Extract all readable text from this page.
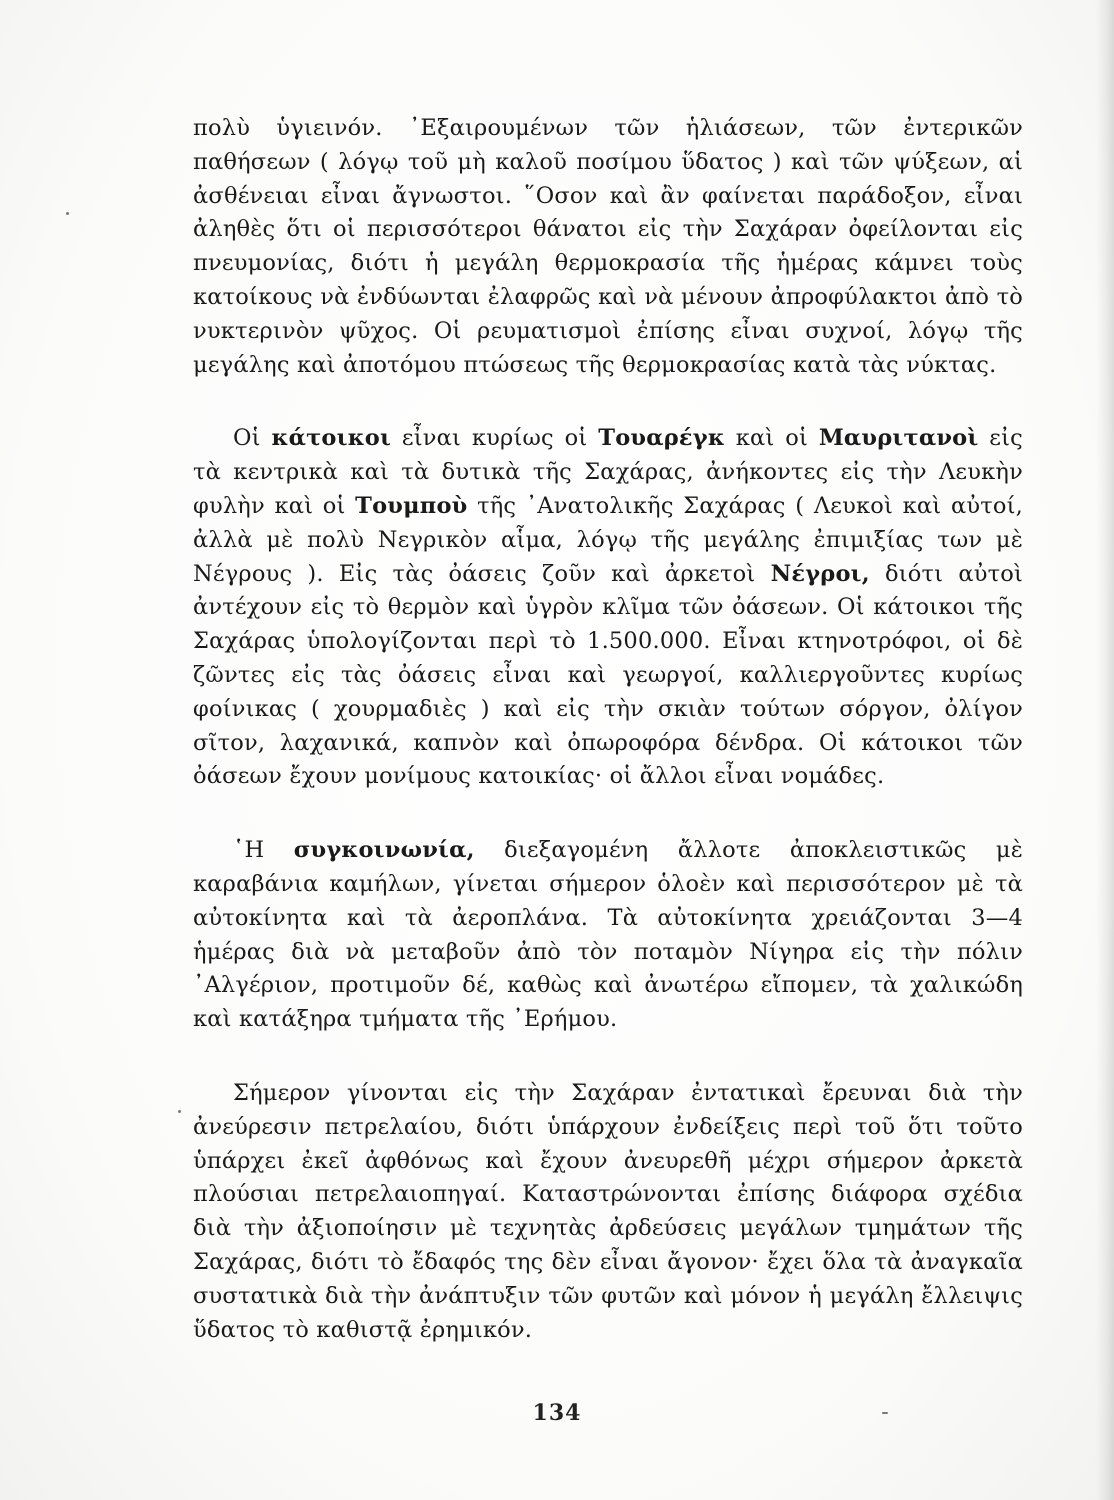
πολὺ ὑγιεινόν. ᾿Εξαιρουμένων τῶν ἡλιάσεων, τῶν ἐντερικῶν παθήσεων ( λόγῳ τοῦ μὴ καλοῦ ποσίμου ὕδατος ) καὶ τῶν ψύξεων, αἱ ἀσθένειαι εἶναι ἄγνωστοι. ῞Οσον καὶ ἂν φαίνεται παράδοξον, εἶναι ἀληθὲς ὅτι οἱ περισσότεροι θάνατοι εἰς τὴν Σαχάραν ὀφείλονται εἰς πνευμονίας, διότι ἡ μεγάλη θερμοκρασία τῆς ἡμέρας κάμνει τοὺς κατοίκους νὰ ἐνδύωνται ἐλαφρῶς καὶ νὰ μένουν ἀπροφύλακτοι ἀπὸ τὸ νυκτερινὸν ψῦχος. Οἱ ρευματισμοὶ ἐπίσης εἶναι συχνοί, λόγῳ τῆς μεγάλης καὶ ἀποτόμου πτώσεως τῆς θερμοκρασίας κατὰ τὰς νύκτας.

Οἱ κάτοικοι εἶναι κυρίως οἱ Τουαρέγκ καὶ οἱ Μαυριτανοὶ εἰς τὰ κεντρικὰ καὶ τὰ δυτικὰ τῆς Σαχάρας, ἀνήκοντες εἰς τὴν Λευκὴν φυλὴν καὶ οἱ Τουμποὺ τῆς ᾿Ανατολικῆς Σαχάρας ( Λευκοὶ καὶ αὐτοί, ἀλλὰ μὲ πολὺ Νεγρικὸν αἷμα, λόγῳ τῆς μεγάλης ἐπιμιξίας των μὲ Νέγρους ). Εἰς τὰς ὀάσεις ζοῦν καὶ ἀρκετοὶ Νέγροι, διότι αὐτοὶ ἀντέχουν εἰς τὸ θερμὸν καὶ ὑγρὸν κλῖμα τῶν ὀάσεων. Οἱ κάτοικοι τῆς Σαχάρας ὑπολογίζονται περὶ τὸ 1.500.000. Εἶναι κτηνοτρόφοι, οἱ δὲ ζῶντες εἰς τὰς ὀάσεις εἶναι καὶ γεωργοί, καλλιεργοῦντες κυρίως φοίνικας ( χουρμαδιὲς ) καὶ εἰς τὴν σκιὰν τούτων σόργον, ὀλίγον σῖτον, λαχανικά, καπνὸν καὶ ὀπωροφόρα δένδρα. Οἱ κάτοικοι τῶν ὀάσεων ἔχουν μονίμους κατοικίας· οἱ ἄλλοι εἶναι νομάδες.

῾Η συγκοινωνία, διεξαγομένη ἄλλοτε ἀποκλειστικῶς μὲ καραβάνια καμήλων, γίνεται σήμερον ὁλοὲν καὶ περισσότερον μὲ τὰ αὐτοκίνητα καὶ τὰ ἀεροπλάνα. Τὰ αὐτοκίνητα χρειάζονται 3—4 ἡμέρας διὰ νὰ μεταβοῦν ἀπὸ τὸν ποταμὸν Νίγηρα εἰς τὴν πόλιν ᾿Αλγέριον, προτιμοῦν δέ, καθὼς καὶ ἀνωτέρω εἴπομεν, τὰ χαλικώδη καὶ κατάξηρα τμήματα τῆς ᾿Ερήμου.

Σήμερον γίνονται εἰς τὴν Σαχάραν ἐντατικαὶ ἔρευναι διὰ τὴν ἀνεύρεσιν πετρελαίου, διότι ὑπάρχουν ἐνδείξεις περὶ τοῦ ὅτι τοῦτο ὑπάρχει ἐκεῖ ἀφθόνως καὶ ἔχουν ἀνευρεθῆ μέχρι σήμερον ἀρκετὰ πλούσιαι πετρελαιοπηγαί. Καταστρώνονται ἐπίσης διάφορα σχέδια διὰ τὴν ἀξιοποίησιν μὲ τεχνητὰς ἀρδεύσεις μεγάλων τμημάτων τῆς Σαχάρας, διότι τὸ ἔδαφός της δὲν εἶναι ἄγονον· ἔχει ὅλα τὰ ἀναγκαῖα συστατικὰ διὰ τὴν ἀνάπτυξιν τῶν φυτῶν καὶ μόνον ἡ μεγάλη ἔλλειψις ὕδατος τὸ καθιστᾷ ἐρημικόν.

134
